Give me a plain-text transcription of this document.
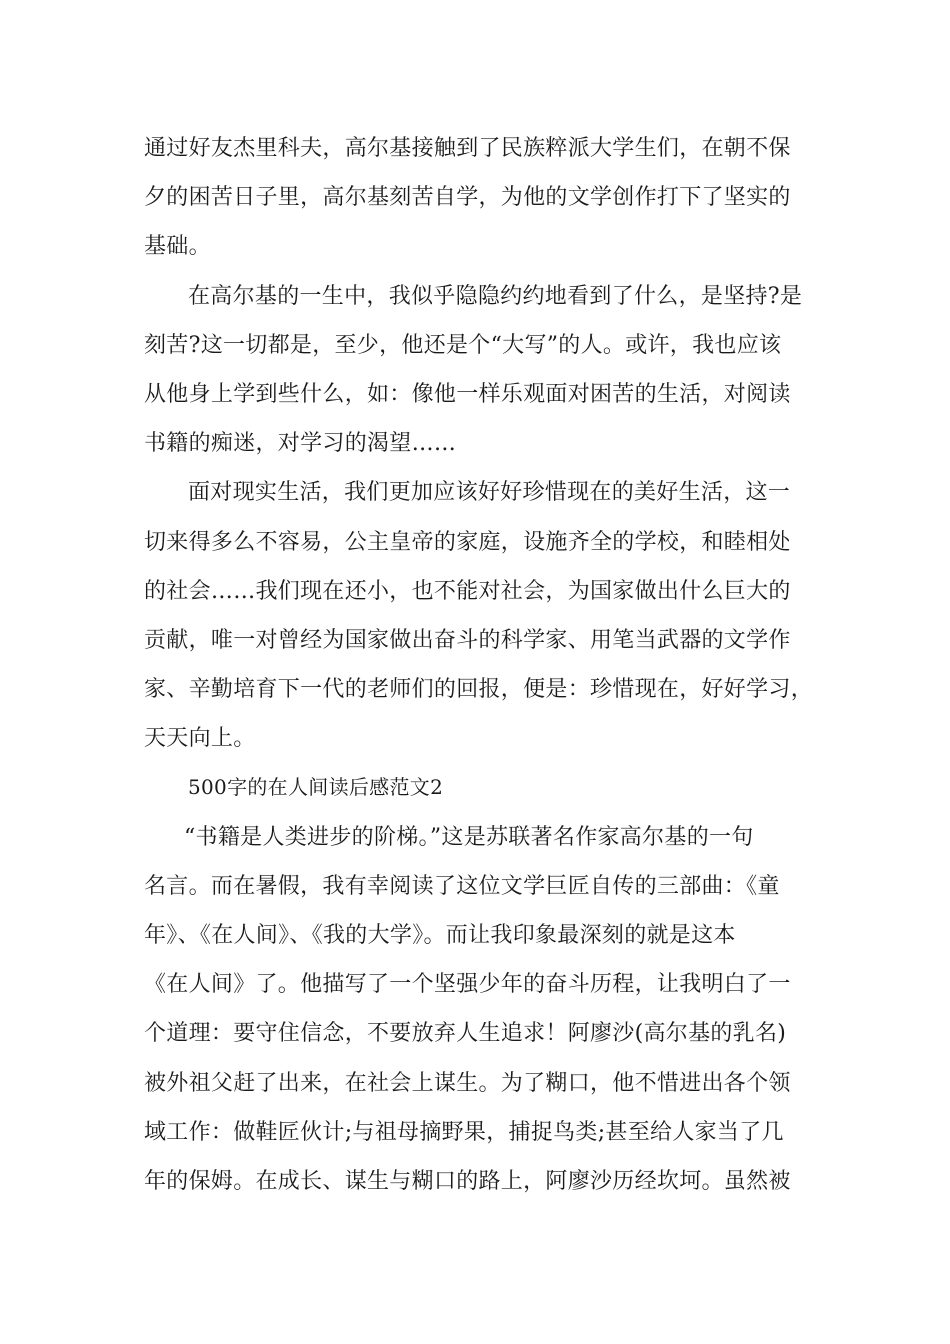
通过好友杰里科夫，高尔基接触到了民族粹派大学生们，在朝不保
夕的困苦日子里，高尔基刻苦自学，为他的文学创作打下了坚实的
基础。
在高尔基的一生中，我似乎隐隐约约地看到了什么，是坚持?是
刻苦?这一切都是，至少，他还是个“大写”的人。或许，我也应该
从他身上学到些什么，如：像他一样乐观面对困苦的生活，对阅读
书籍的痴迷，对学习的渴望……
面对现实生活，我们更加应该好好珍惜现在的美好生活，这一
切来得多么不容易，公主皇帝的家庭，设施齐全的学校，和睦相处
的社会……我们现在还小，也不能对社会，为国家做出什么巨大的
贡献，唯一对曾经为国家做出奋斗的科学家、用笔当武器的文学作
家、辛勤培育下一代的老师们的回报，便是：珍惜现在，好好学习，
天天向上。
500字的在人间读后感范文2
“书籍是人类进步的阶梯。”这是苏联著名作家高尔基的一句
名言。而在暑假，我有幸阅读了这位文学巨匠自传的三部曲：《童
年》、《在人间》、《我的大学》。而让我印象最深刻的就是这本
《在人间》了。他描写了一个坚强少年的奋斗历程，让我明白了一
个道理：要守住信念，不要放弃人生追求！阿廖沙(高尔基的乳名)
被外祖父赶了出来，在社会上谋生。为了糊口，他不惜进出各个领
域工作：做鞋匠伙计;与祖母摘野果，捕捉鸟类;甚至给人家当了几
年的保姆。在成长、谋生与糊口的路上，阿廖沙历经坎坷。虽然被
